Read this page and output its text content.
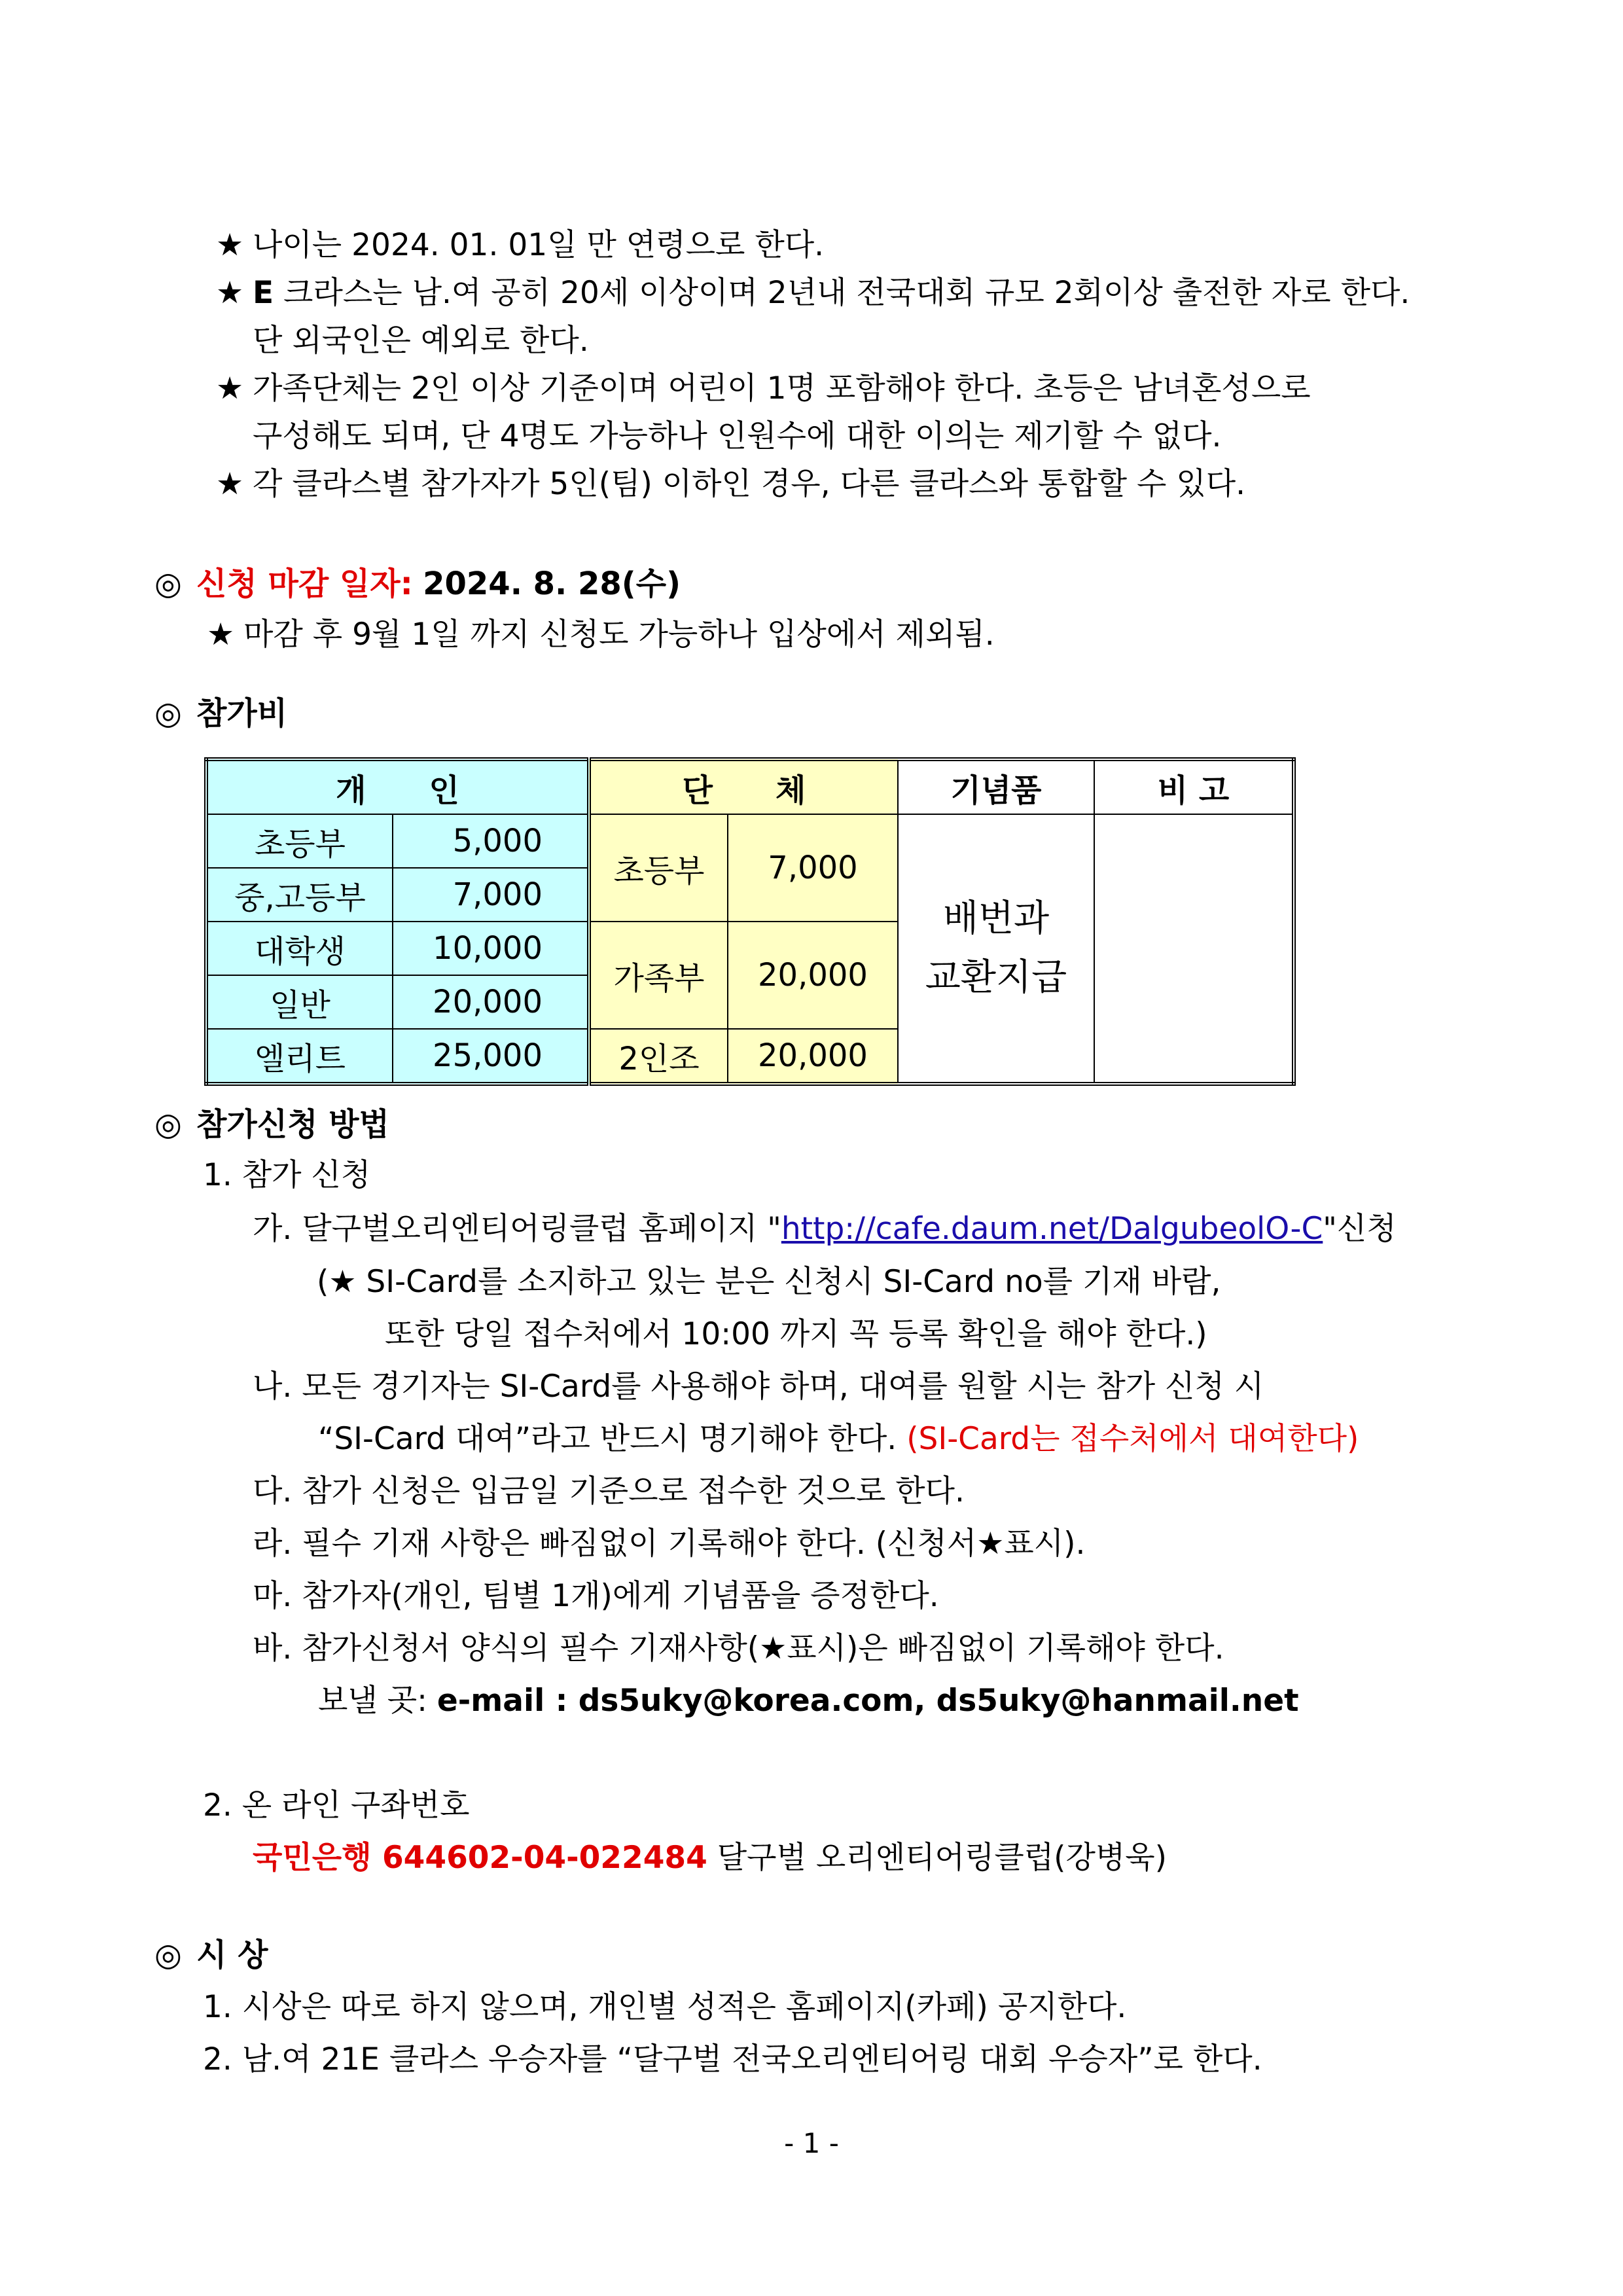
★ 나이는 2024. 01. 01일 만 연령으로 한다.
★ E 크라스는 남.여 공히 20세 이상이며 2년내 전국대회 규모 2회이상 출전한 자로 한다.
단 외국인은 예외로 한다.
★ 가족단체는 2인 이상 기준이며 어린이 1명 포함해야 한다. 초등은 남녀혼성으로
구성해도 되며, 단 4명도 가능하나 인원수에 대한 이의는 제기할 수 없다.
★ 각 클라스별 참가자가 5인(팀) 이하인 경우, 다른 클라스와 통합할 수 있다.
◎ 신청 마감 일자: 2024. 8. 28(수)
★ 마감 후 9월 1일 까지 신청도 가능하나 입상에서 제외됨.
◎ 참가비
개　　인		단　　체		기념품	비 고
초등부	5,000	초등부	7,000	배번과
교환지급	

중,고등부	7,000				
대학생	10,000	가족부	20,000		
일반	20,000				
엘리트	25,000	2인조	20,000		
◎ 참가신청 방법
1. 참가 신청
가. 달구벌오리엔티어링클럽 홈페이지 "http://cafe.daum.net/DalgubeolO-C"신청
(★ SI-Card를 소지하고 있는 분은 신청시 SI-Card no를 기재 바람,
또한 당일 접수처에서 10:00 까지 꼭 등록 확인을 해야 한다.)
나. 모든 경기자는 SI-Card를 사용해야 하며, 대여를 원할 시는 참가 신청 시
“SI-Card 대여”라고 반드시 명기해야 한다. (SI-Card는 접수처에서 대여한다)
다. 참가 신청은 입금일 기준으로 접수한 것으로 한다.
라. 필수 기재 사항은 빠짐없이 기록해야 한다. (신청서★표시).
마. 참가자(개인, 팀별 1개)에게 기념품을 증정한다.
바. 참가신청서 양식의 필수 기재사항(★표시)은 빠짐없이 기록해야 한다.
보낼 곳: e-mail : ds5uky@korea.com, ds5uky@hanmail.net
2. 온 라인 구좌번호
국민은행 644602-04-022484 달구벌 오리엔티어링클럽(강병욱)
◎ 시 상
1. 시상은 따로 하지 않으며, 개인별 성적은 홈페이지(카페) 공지한다.
2. 남.여 21E 클라스 우승자를 “달구벌 전국오리엔티어링 대회 우승자”로 한다.
- 1 -
